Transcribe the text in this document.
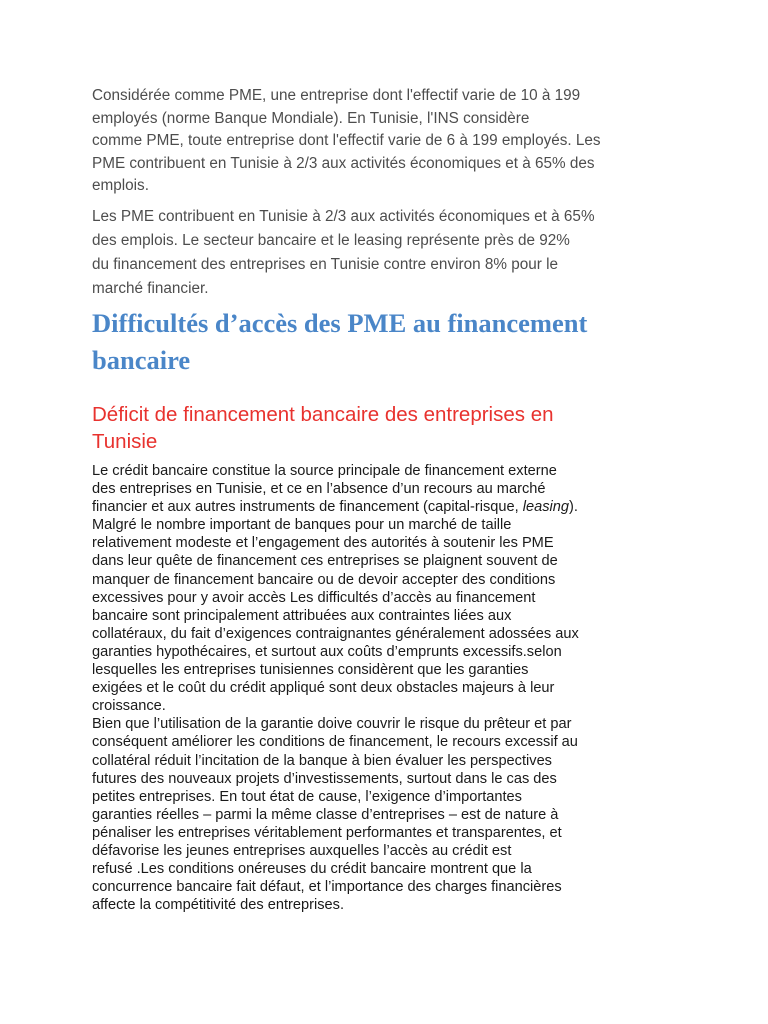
Considérée comme PME, une entreprise dont l'effectif varie de 10 à 199
employés (norme Banque Mondiale). En Tunisie, l'INS considère
comme PME, toute entreprise dont l'effectif varie de 6 à 199 employés. Les
PME contribuent en Tunisie à 2/3 aux activités économiques et à 65% des
emplois.
Les PME contribuent en Tunisie à 2/3 aux activités économiques et à 65%
des emplois. Le secteur bancaire et le leasing représente près de 92%
du financement des entreprises en Tunisie contre environ 8% pour le
marché financier.
Difficultés d’accès des PME au financement
bancaire
Déficit de financement bancaire des entreprises en
Tunisie
Le crédit bancaire constitue la source principale de financement externe
des entreprises en Tunisie, et ce en l’absence d’un recours au marché
financier et aux autres instruments de financement (capital-risque, leasing).
Malgré le nombre important de banques pour un marché de taille
relativement modeste et l’engagement des autorités à soutenir les PME
dans leur quête de financement ces entreprises se plaignent souvent de
manquer de financement bancaire ou de devoir accepter des conditions
excessives pour y avoir accès Les difficultés d’accès au financement
bancaire sont principalement attribuées aux contraintes liées aux
collatéraux, du fait d’exigences contraignantes généralement adossées aux
garanties hypothécaires, et surtout aux coûts d’emprunts excessifs.selon
lesquelles les entreprises tunisiennes considèrent que les garanties
exigées et le coût du crédit appliqué sont deux obstacles majeurs à leur
croissance.
Bien que l’utilisation de la garantie doive couvrir le risque du prêteur et par
conséquent améliorer les conditions de financement, le recours excessif au
collatéral réduit l’incitation de la banque à bien évaluer les perspectives
futures des nouveaux projets d’investissements, surtout dans le cas des
petites entreprises. En tout état de cause, l’exigence d’importantes
garanties réelles – parmi la même classe d’entreprises – est de nature à
pénaliser les entreprises véritablement performantes et transparentes, et
défavorise les jeunes entreprises auxquelles l’accès au crédit est
refusé .Les conditions onéreuses du crédit bancaire montrent que la
concurrence bancaire fait défaut, et l’importance des charges financières
affecte la compétitivité des entreprises.
